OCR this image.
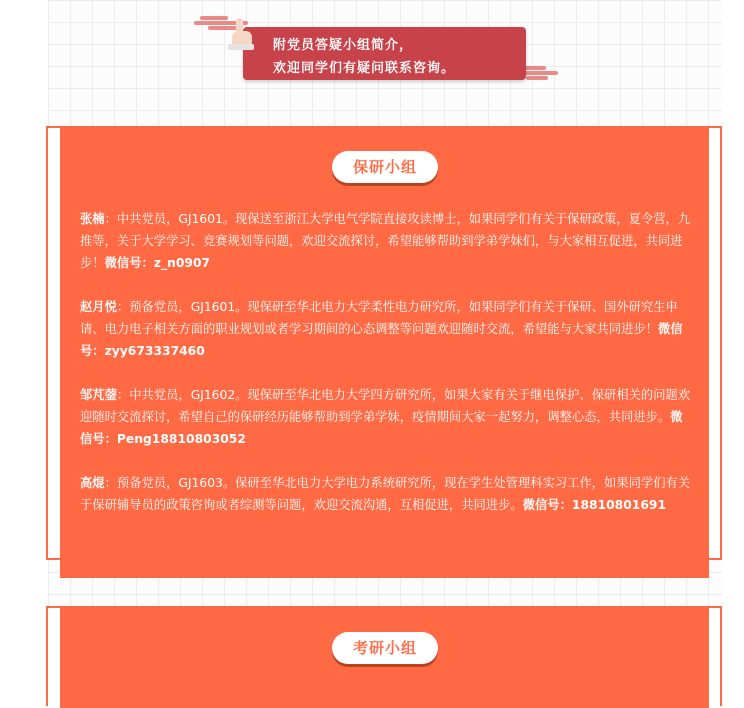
附党员答疑小组简介，
欢迎同学们有疑问联系咨询。
保研小组
张楠：中共党员，GJ1601。现保送至浙江大学电气学院直接攻读博士，如果同学们有关于保研政策，夏令营，九推等，关于大学学习、竞赛规划等问题，欢迎交流探讨，希望能够帮助到学弟学妹们，与大家相互促进，共同进步！微信号：z_n0907
赵月悦：预备党员，GJ1601。现保研至华北电力大学柔性电力研究所，如果同学们有关于保研、国外研究生申请、电力电子相关方面的职业规划或者学习期间的心态调整等问题欢迎随时交流，希望能与大家共同进步！微信号：zyy673337460
邹芃蓥：中共党员，GJ1602。现保研至华北电力大学四方研究所，如果大家有关于继电保护、保研相关的问题欢迎随时交流探讨，希望自己的保研经历能够帮助到学弟学妹，疫情期间大家一起努力，调整心态，共同进步。微信号：Peng18810803052
高焜：预备党员，GJ1603。保研至华北电力大学电力系统研究所，现在学生处管理科实习工作，如果同学们有关于保研辅导员的政策咨询或者综测等问题，欢迎交流沟通，互相促进，共同进步。微信号：18810801691
考研小组
